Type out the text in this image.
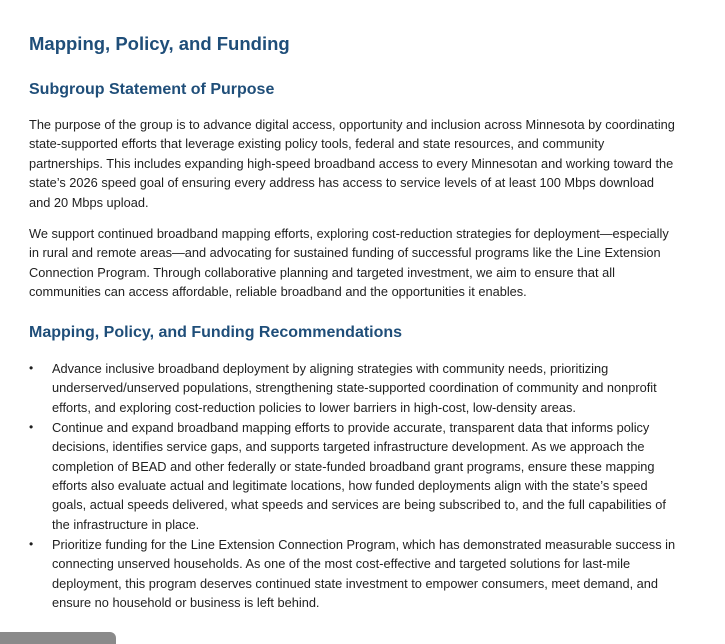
Mapping, Policy, and Funding
Subgroup Statement of Purpose

The purpose of the group is to advance digital access, opportunity and inclusion across Minnesota by coordinating state-supported efforts that leverage existing policy tools, federal and state resources, and community partnerships. This includes expanding high-speed broadband access to every Minnesotan and working toward the state’s 2026 speed goal of ensuring every address has access to service levels of at least 100 Mbps download and 20 Mbps upload.

We support continued broadband mapping efforts, exploring cost-reduction strategies for deployment—especially in rural and remote areas—and advocating for sustained funding of successful programs like the Line Extension Connection Program. Through collaborative planning and targeted investment, we aim to ensure that all communities can access affordable, reliable broadband and the opportunities it enables.

Mapping, Policy, and Funding Recommendations
•	Advance inclusive broadband deployment by aligning strategies with community needs, prioritizing underserved/unserved populations, strengthening state-supported coordination of community and nonprofit efforts, and exploring cost-reduction policies to lower barriers in high-cost, low-density areas.
•	Continue and expand broadband mapping efforts to provide accurate, transparent data that informs policy decisions, identifies service gaps, and supports targeted infrastructure development. As we approach the completion of BEAD and other federally or state-funded broadband grant programs, ensure these mapping efforts also evaluate actual and legitimate locations, how funded deployments align with the state’s speed goals, actual speeds delivered, what speeds and services are being subscribed to, and the full capabilities of the infrastructure in place.
•	Prioritize funding for the Line Extension Connection Program, which has demonstrated measurable success in connecting unserved households. As one of the most cost-effective and targeted solutions for last-mile deployment, this program deserves continued state investment to empower consumers, meet demand, and ensure no household or business is left behind.
